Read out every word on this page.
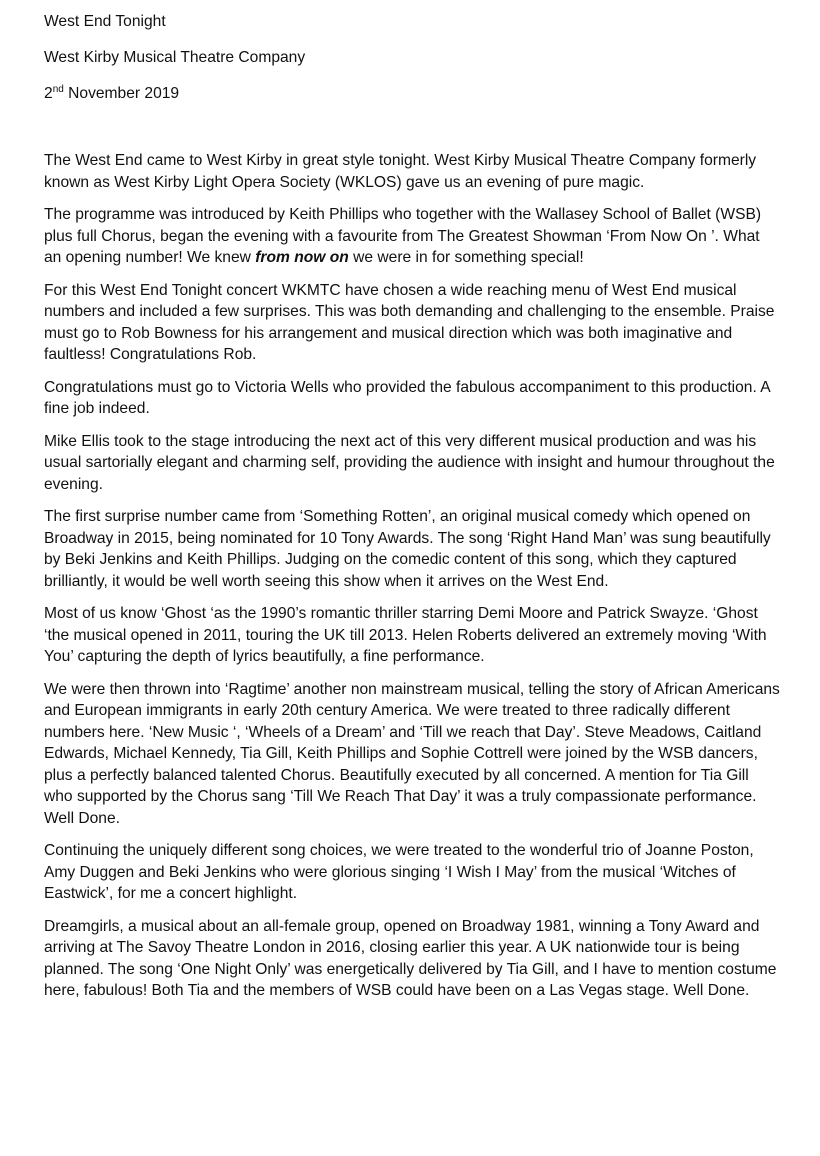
West End Tonight

West Kirby Musical Theatre Company

2nd November 2019

The West End came to West Kirby in great style tonight. West Kirby Musical Theatre Company formerly known as West Kirby Light Opera Society (WKLOS) gave us an evening of pure magic.

The programme was introduced by Keith Phillips who together with the Wallasey School of Ballet (WSB) plus full Chorus, began the evening with a favourite from The Greatest Showman ‘From Now On ’. What an opening number! We knew from now on we were in for something special!

For this West End Tonight concert WKMTC have chosen a wide reaching menu of West End musical numbers and included a few surprises. This was both demanding and challenging to the ensemble. Praise must go to Rob Bowness for his arrangement and musical direction which was both imaginative and faultless! Congratulations Rob.

Congratulations must go to Victoria Wells who provided the fabulous accompaniment to this production. A fine job indeed.

Mike Ellis took to the stage introducing the next act of this very different musical production and was his usual sartorially elegant and charming self, providing the audience with insight and humour throughout the evening.

The first surprise number came from ‘Something Rotten’, an original musical comedy which opened on Broadway in 2015, being nominated for 10 Tony Awards. The song ‘Right Hand Man’ was sung beautifully by Beki Jenkins and Keith Phillips. Judging on the comedic content of this song, which they captured brilliantly, it would be well worth seeing this show when it arrives on the West End.

Most of us know ‘Ghost ‘as the 1990’s romantic thriller starring Demi Moore and Patrick Swayze. ‘Ghost ‘the musical opened in 2011, touring the UK till 2013. Helen Roberts delivered an extremely moving ‘With You’ capturing the depth of lyrics beautifully, a fine performance.

We were then thrown into ‘Ragtime’ another non mainstream musical, telling the story of African Americans and European immigrants in early 20th century America. We were treated to three radically different numbers here. ‘New Music ‘, ‘Wheels of a Dream’ and ‘Till we reach that Day’. Steve Meadows, Caitland Edwards, Michael Kennedy, Tia Gill, Keith Phillips and Sophie Cottrell were joined by the WSB dancers, plus a perfectly balanced talented Chorus. Beautifully executed by all concerned. A mention for Tia Gill who supported by the Chorus sang ‘Till We Reach That Day’ it was a truly compassionate performance. Well Done.

Continuing the uniquely different song choices, we were treated to the wonderful trio of Joanne Poston, Amy Duggen and Beki Jenkins who were glorious singing ‘I Wish I May’ from the musical ‘Witches of Eastwick’, for me a concert highlight.

Dreamgirls, a musical about an all-female group, opened on Broadway 1981, winning a Tony Award and arriving at The Savoy Theatre London in 2016, closing earlier this year. A UK nationwide tour is being planned. The song ‘One Night Only’ was energetically delivered by Tia Gill, and I have to mention costume here, fabulous! Both Tia and the members of WSB could have been on a Las Vegas stage. Well Done.
